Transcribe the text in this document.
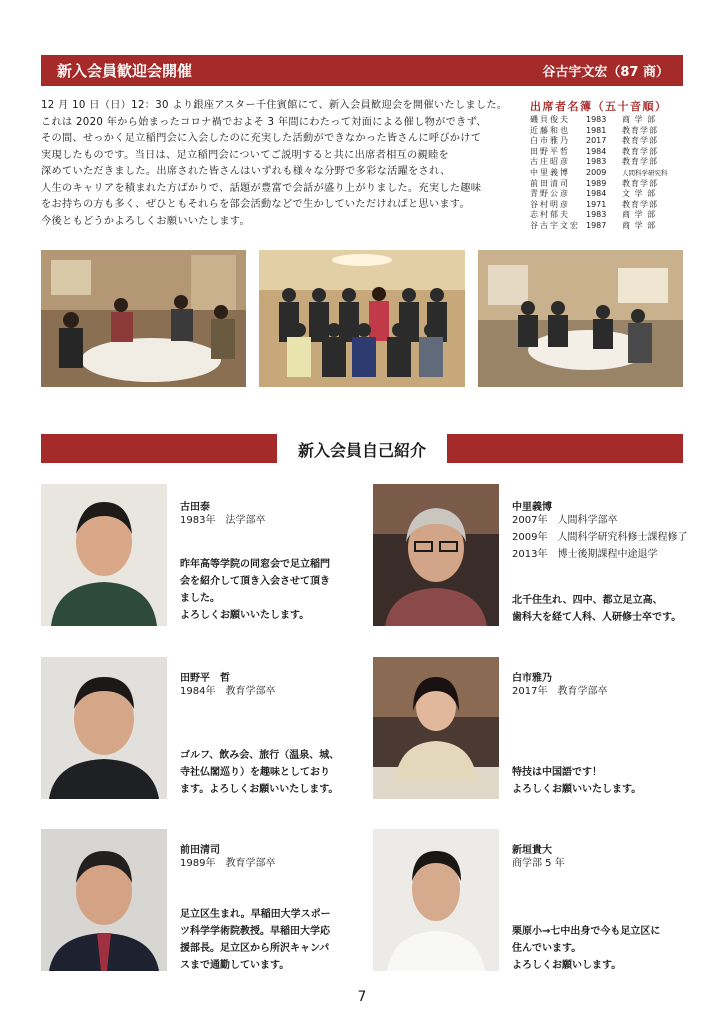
新入会員歓迎会開催	谷古宇文宏（87 商）
12 月 10 日（日）12：30 より銀座アスター千住賓館にて、新入会員歓迎会を開催いたしました。
これは 2020 年から始まったコロナ禍でおよそ 3 年間にわたって対面による催し物ができず、
その間、せっかく足立稲門会に入会したのに充実した活動ができなかった皆さんに呼びかけて
実現したものです。当日は、足立稲門会についてご説明すると共に出席者相互の親睦を
深めていただきました。出席された皆さんはいずれも様々な分野で多彩な活躍をされ、
人生のキャリアを積まれた方ばかりで、話題が豊富で会話が盛り上がりました。充実した趣味
をお持ちの方も多く、ぜひともそれらを部会活動などで生かしていただければと思います。
今後ともどうかよろしくお願いいたします。
出席者名簿（五十音順）
磯貝俊夫	1983	商 学 部
近藤和也	1981	教育学部
白市雅乃	2017	教育学部
田野平哲	1984	教育学部
古庄昭彦	1983	教育学部
中里義博	2009	人間科学研究科
前田清司	1989	教育学部
青野公彦	1984	文 学 部
谷村明彦	1971	教育学部
志村郁夫	1983	商 学 部
谷古宇文宏 1987	商 学 部
新入会員自己紹介
古田泰
1983年　法学部卒
昨年高等学院の同窓会で足立稲門
会を紹介して頂き入会させて頂き
ました。
よろしくお願いいたします。
中里義博
2007年　人間科学部卒
2009年　人間科学研究科修士課程修了
2013年　博士後期課程中途退学
北千住生れ、四中、都立足立高、
歯科大を経て人科、人研修士卒です。
田野平　哲
1984年　教育学部卒
ゴルフ、飲み会、旅行（温泉、城、
寺社仏閣巡り）を趣味としており
ます。よろしくお願いいたします。
白市雅乃
2017年　教育学部卒
特技は中国語です！
よろしくお願いいたします。
前田清司
1989年　教育学部卒
足立区生まれ。早稲田大学スポー
ツ科学学術院教授。早稲田大学応
援部長。足立区から所沢キャンパ
スまで通勤しています。
新垣貴大
商学部 5 年
栗原小→七中出身で今も足立区に
住んでいます。
よろしくお願いします。
7
